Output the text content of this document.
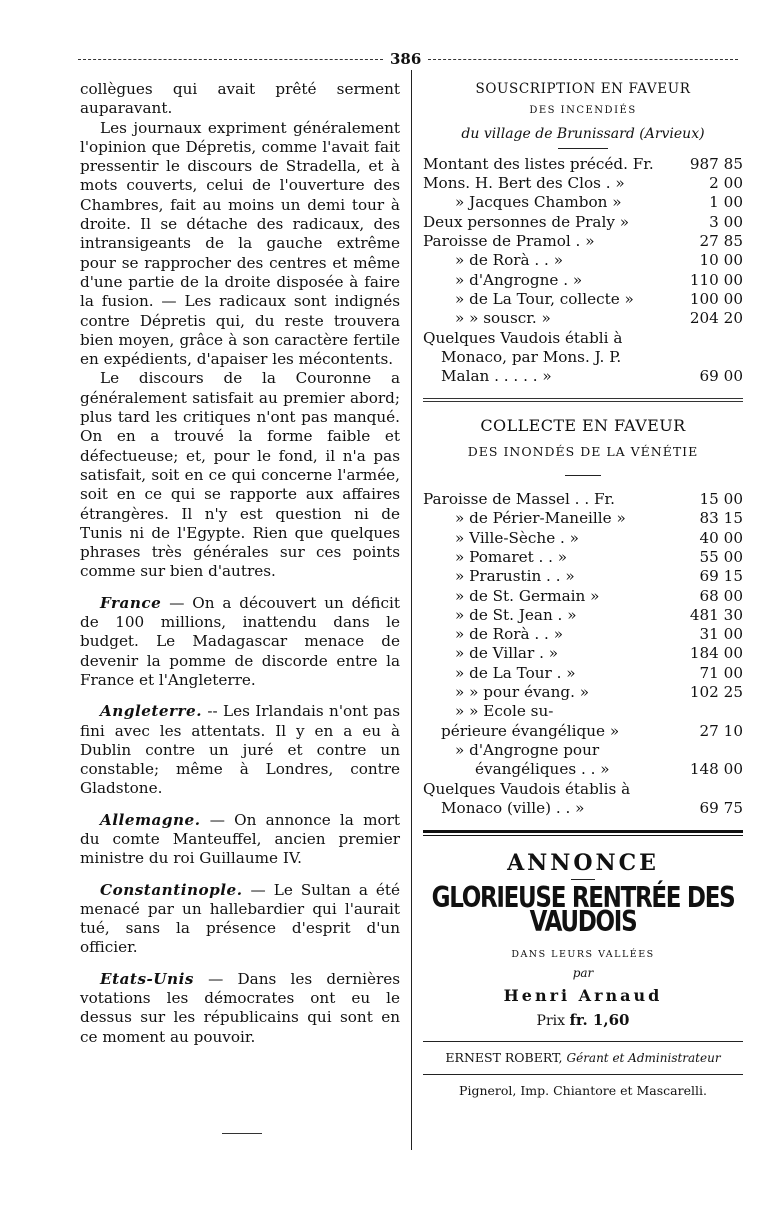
386

collègues qui avait prêté serment auparavant.

Les journaux expriment généralement l'opinion que Dépretis, comme l'avait fait pressentir le discours de Stradella, et à mots couverts, celui de l'ouverture des Chambres, fait au moins un demi tour à droite. Il se détache des radicaux, des intransigeants de la gauche extrême pour se rapprocher des centres et même d'une partie de la droite disposée à faire la fusion. — Les radicaux sont indignés contre Dépretis qui, du reste trouvera bien moyen, grâce à son caractère fertile en expédients, d'apaiser les mécontents.

Le discours de la Couronne a généralement satisfait au premier abord; plus tard les critiques n'ont pas manqué. On en a trouvé la forme faible et défectueuse; et, pour le fond, il n'a pas satisfait, soit en ce qui concerne l'armée, soit en ce qui se rapporte aux affaires étrangères. Il n'y est question ni de Tunis ni de l'Egypte. Rien que quelques phrases très générales sur ces points comme sur bien d'autres.

France — On a découvert un déficit de 100 millions, inattendu dans le budget. Le Madagascar menace de devenir la pomme de discorde entre la France et l'Angleterre.

Angleterre. -- Les Irlandais n'ont pas fini avec les attentats. Il y en a eu à Dublin contre un juré et contre un constable; même à Londres, contre Gladstone.

Allemagne. — On annonce la mort du comte Manteuffel, ancien premier ministre du roi Guillaume IV.

Constantinople. — Le Sultan a été menacé par un hallebardier qui l'aurait tué, sans la présence d'esprit d'un officier.

Etats-Unis — Dans les dernières votations les démocrates ont eu le dessus sur les républicains qui sont en ce moment au pouvoir.

SOUSCRIPTION EN FAVEUR
DES INCENDIÉS
du village de Brunissard (Arvieux)
Montant des listes précéd. Fr.	987 85
Mons. H. Bert des Clos . »	2 00
» Jacques Chambon »	1 00
Deux personnes de Praly »	3 00
Paroisse de Pramol . »	27 85
» de Rorà . . »	10 00
» d'Angrogne . »	110 00
» de La Tour, collecte »	100 00
» » souscr. »	204 20
Quelques Vaudois établi à
Monaco, par Mons. J. P.
Malan . . . . . »	69 00
COLLECTE EN FAVEUR
DES INONDÉS DE LA VÉNÉTIE
Paroisse de Massel . . Fr.	15 00
» de Périer-Maneille »	83 15
» Ville-Sèche . »	40 00
» Pomaret . . »	55 00
» Prarustin . . »	69 15
» de St. Germain »	68 00
» de St. Jean . »	481 30
» de Rorà . . »	31 00
» de Villar . »	184 00
» de La Tour . »	71 00
» » pour évang. »	102 25
» » Ecole su-
périeure évangélique »	27 10
» d'Angrogne pour
évangéliques . . »	148 00
Quelques Vaudois établis à
Monaco (ville) . . »	69 75
ANNONCE
GLORIEUSE RENTRÉE DES VAUDOIS
DANS LEURS VALLÉES
par
Henri Arnaud
Prix fr. 1,60
ERNEST ROBERT, Gérant et Administrateur
Pignerol, Imp. Chiantore et Mascarelli.
